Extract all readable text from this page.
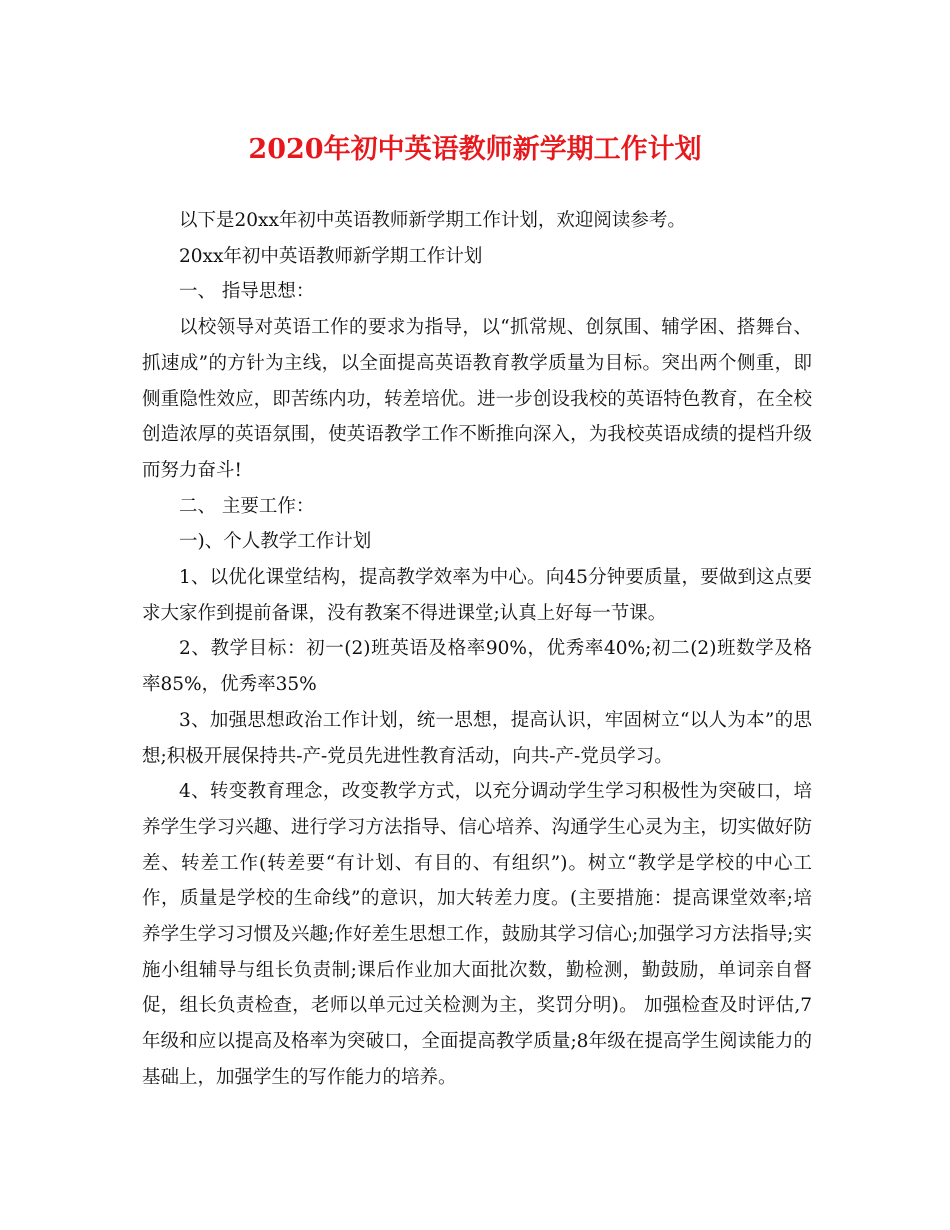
2020年初中英语教师新学期工作计划

以下是20xx年初中英语教师新学期工作计划，欢迎阅读参考。

20xx年初中英语教师新学期工作计划

一、 指导思想：

以校领导对英语工作的要求为指导，以“抓常规、创氛围、辅学困、搭舞台、抓速成”的方针为主线，以全面提高英语教育教学质量为目标。突出两个侧重，即侧重隐性效应，即苦练内功，转差培优。进一步创设我校的英语特色教育，在全校创造浓厚的英语氛围，使英语教学工作不断推向深入，为我校英语成绩的提档升级而努力奋斗!

二、 主要工作：

一)、个人教学工作计划

1、以优化课堂结构，提高教学效率为中心。向45分钟要质量，要做到这点要求大家作到提前备课，没有教案不得进课堂;认真上好每一节课。

2、教学目标：初一(2)班英语及格率90%，优秀率40%;初二(2)班数学及格率85%，优秀率35%

3、加强思想政治工作计划，统一思想，提高认识，牢固树立“以人为本”的思想;积极开展保持共-产-党员先进性教育活动，向共-产-党员学习。

4、转变教育理念，改变教学方式，以充分调动学生学习积极性为突破口，培养学生学习兴趣、进行学习方法指导、信心培养、沟通学生心灵为主，切实做好防差、转差工作(转差要“有计划、有目的、有组织”)。树立“教学是学校的中心工作，质量是学校的生命线”的意识，加大转差力度。(主要措施：提高课堂效率;培养学生学习习惯及兴趣;作好差生思想工作，鼓励其学习信心;加强学习方法指导;实施小组辅导与组长负责制;课后作业加大面批次数，勤检测，勤鼓励，单词亲自督促，组长负责检查，老师以单元过关检测为主，奖罚分明)。 加强检查及时评估,7年级和应以提高及格率为突破口，全面提高教学质量;8年级在提高学生阅读能力的基础上，加强学生的写作能力的培养。
